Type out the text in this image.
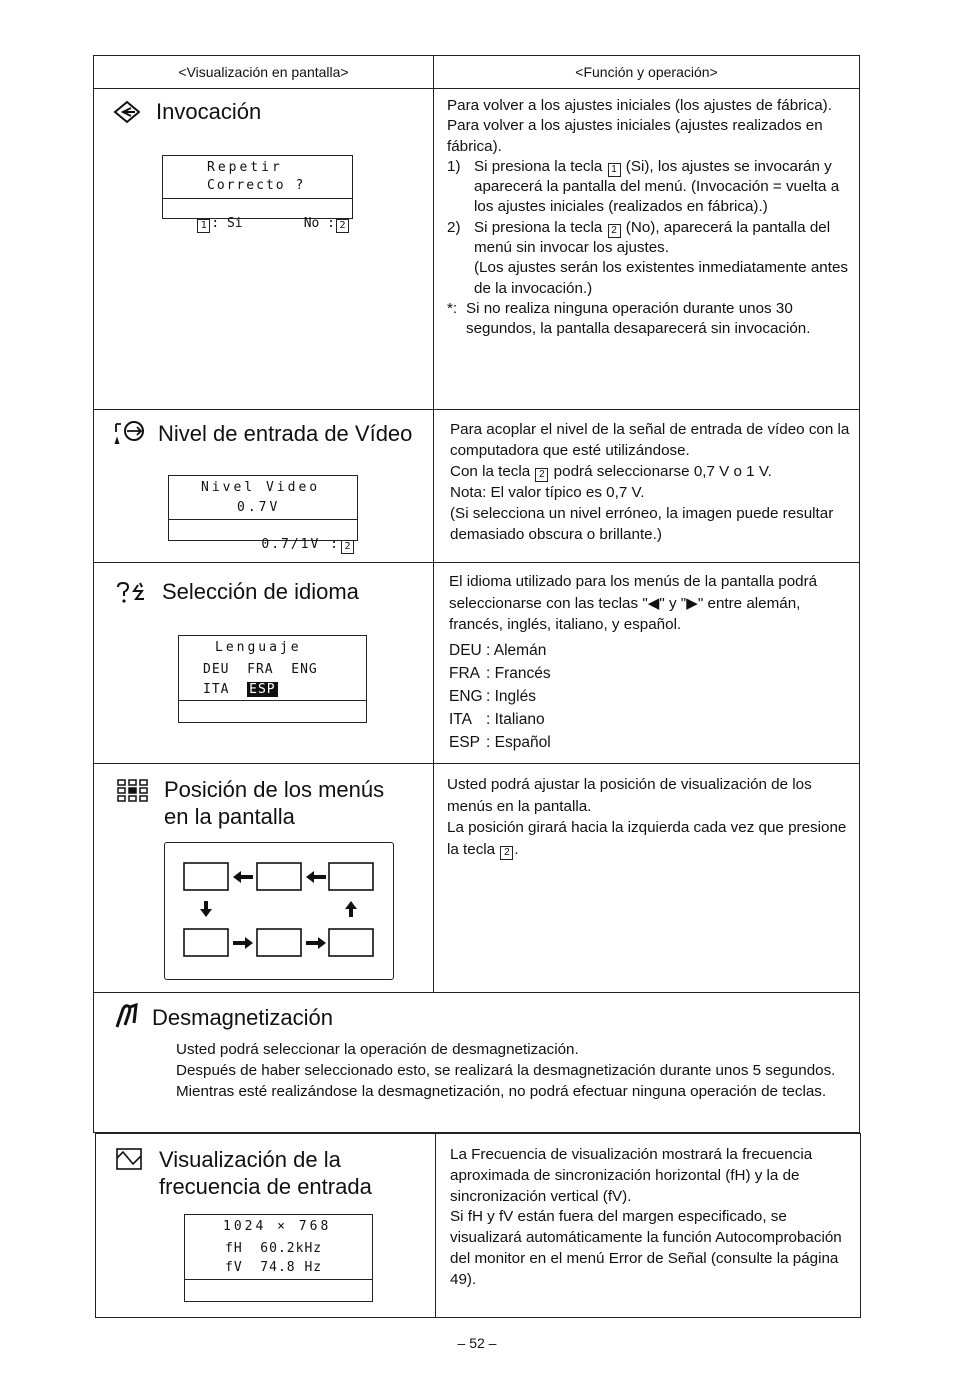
<Visualización en pantalla>	<Función y operación>
Invocación
Repetir
Correcto ?

1 : Si
	No : 2

Para volver a los ajustes iniciales (los ajustes de fábrica).

Para volver a los ajustes iniciales (ajustes realizados en fábrica).

1) Si presiona la tecla 1 (Si), los ajustes se invocarán y aparecerá la pantalla del menú. (Invocación = vuelta a los ajustes iniciales (realizados en fábrica).)

2) Si presiona la tecla 2 (No), aparecerá la pantalla del menú sin invocar los ajustes.

(Los ajustes serán los existentes inmediatamente antes de la invocación.)

*: Si no realiza ninguna operación durante unos 30 segundos, la pantalla desaparecerá sin invocación.

Nivel de entrada de Vídeo
Nivel Video
0.7V

0.7/1V : 2

Para acoplar el nivel de la señal de entrada de vídeo con la computadora que esté utilizándose.

Con la tecla 2 podrá seleccionarse 0,7 V o 1 V.

Nota: El valor típico es 0,7 V.

(Si selecciona un nivel erróneo, la imagen puede resultar demasiado obscura o brillante.)

Selección de idioma
Lenguaje
DEU  FRA  ENG
ITA  ESP

El idioma utilizado para los menús de la pantalla podrá seleccionarse con las teclas "◀" y "▶" entre alemán, francés, inglés, italiano, y español.

DEU : Alemán
FRA : Francés
ENG : Inglés
ITA : Italiano
ESP : Español
Posición de los menús
en la pantalla

Usted podrá ajustar la posición de visualización de los menús en la pantalla.

La posición girará hacia la izquierda cada vez que presione la tecla 2 .

Desmagnetización

Usted podrá seleccionar la operación de desmagnetización.

Después de haber seleccionado esto, se realizará la desmagnetización durante unos 5 segundos. Mientras esté realizándose la desmagnetización, no podrá efectuar ninguna operación de teclas.

Visualización de la
frecuencia de entrada
1024 × 768
fH  60.2kHz
fV  74.8 Hz

La Frecuencia de visualización mostrará la frecuencia aproximada de sincronización horizontal (fH) y la de sincronización vertical (fV).

Si fH y fV están fuera del margen especificado, se visualizará automáticamente la función Autocomprobación del monitor en el menú Error de Señal (consulte la página 49).

– 52 –
